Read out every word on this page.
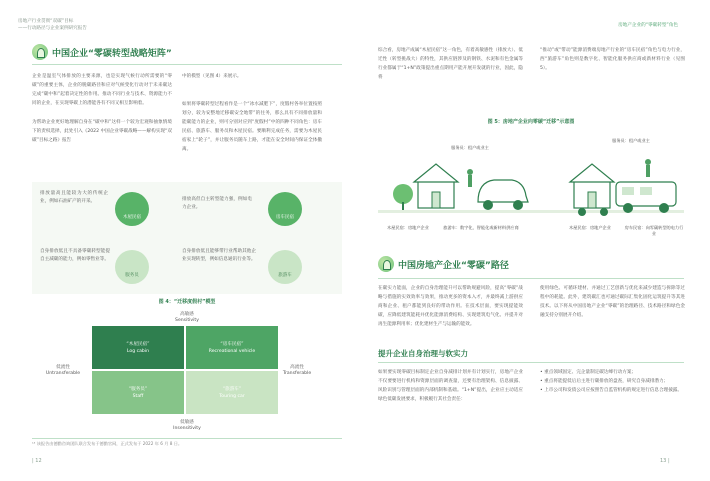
房地产行业贯彻“双碳”目标
——行动路径与企业案例研究报告
房地产企业的“零碳转型”角色
中国企业“零碳转型战略矩阵”
企业是温室气体排放的主要来源，也是实现气候行动所需要的“零碳”的重要主体，企业的脱碳路径和应对气候变化行动对于未来碳达完成“碳中和”起着决定性的作用。推动不同行业与技术、资源能力不同的企业，在实现零碳上的潜能各有不同又相互影响着。
为帮助企业更好地理解自身在“碳中和”这样一个较为宏观和抽象情境下的责权选择，此处引入《2022 中国企业零碳战略——解构实现“双碳”目标之路》报告
中的模型（见图 4）来展示。
如果将零碳转型过程看作是一个“冰水减肥下”，度假村各举位置按照划分，较为安整地迁移碳安全地带”的往务，那么具有不同排放量和能碳能力的企业，则可分别对应到“度假村”中的四种不同角色：房车民宿、旅游车、服务员和木屋民宿。要顺利完成任务，需要为木屋民宿家上“轮子”，并让服务员随车上路，才能在安全时间内保证全体撤离。
排放量高且能较为大的传统企业，例如石油矿产的开采。
木屋民宿
排放高但自主转型能力强，例如电力企业。
房车民宿
自身排放低且不具备零碳转型能提自主减碳的能力，例如零售业等。
服务员
自身排放低且能够带行业帮助其他企业实现转型，例如信息通讯行业等。
旅游车
图 4：“迁移度假村”模型
高敏感
Sensitivity
低流性
Untransferable
高流性
Transferable
低敏感
Insensitivity
“木屋民宿”
Log cabin
“房车民宿”
Recreational vehicle
“服务员”
Staff
“旅游车”
Touring car
¹³ 该报告由德勤咨询团队联合发布于德勤官网，正式发布于 2022 年 6 月 8 日。
| 12
综合看，房地产成属“木屋民宿”这一角色，有着高敏感性（排放大）、低迁性（转型挑战大）的特性，其供应链涉及的钢铁、水泥和有色金属等行业都属于“1+N”政策提出重点期用产能开展开发就的行业，因此，隐将
“推动”或“带动”能源消费端房地产行业的“房车民宿”角色与电力行业，西“旅游车”角色则是数字化、智能化服务供应商或新材料行业（见图 5）。
图 5：房地产企业向零碳“迁移”示意图
服务员：租户或业主
服务员：租户或业主
木屋民宿：房地产企业	旅游车：数字化、智能化或新材料供应商	木屋民宿：房地产企业	房车民宿：向零碳转型的电力行业
中国房地产企业“零碳”路径
在碳实力能面，企业的自身治理能升可以帮助规避风险，提高“零碳”战略与措施的实效效率与效果，推动更多的资本入才，并最终减上游供应商和企业、租户都能到良好的带动作用。在技术层面，要实现提能效碳，应降低建筑能耗并优化能源消费结构、实现建筑电气化、并提升对再生能源利用率；优化建材生产与运输的能效。
使用绿色、可循环建材、并通过工艺创新与优化来减少建造与拆除等过程中的耗能。此外，建筑碳汇也可通过碳际汇集化固化运筑提升等其进技术。以下将从中国房地产企业“零碳”的治理路径、技术路径和绿色金融支持分别展开介绍。
提升企业自身治理与软实力
如果要实现零碳目标制定企业自身减排计划并有计划实行，房地产企业不仅要要进行机构和资源层面的调查量，还要有治理架构、信息披露、风险识别与管理层面的内部机制和基础。“1+N”提出，企业应主动适应绿色低碳发展要求，积极履行其社会责任：
• 重点领域固定、完企量制定碳达峰行动方案；
• 重点将能提低后后主进行碳排放的盘查，研究自身减排潜力；
• 上市公司和发债公司应按照告自监管机构的规定进行信息合理披露。
13 |
